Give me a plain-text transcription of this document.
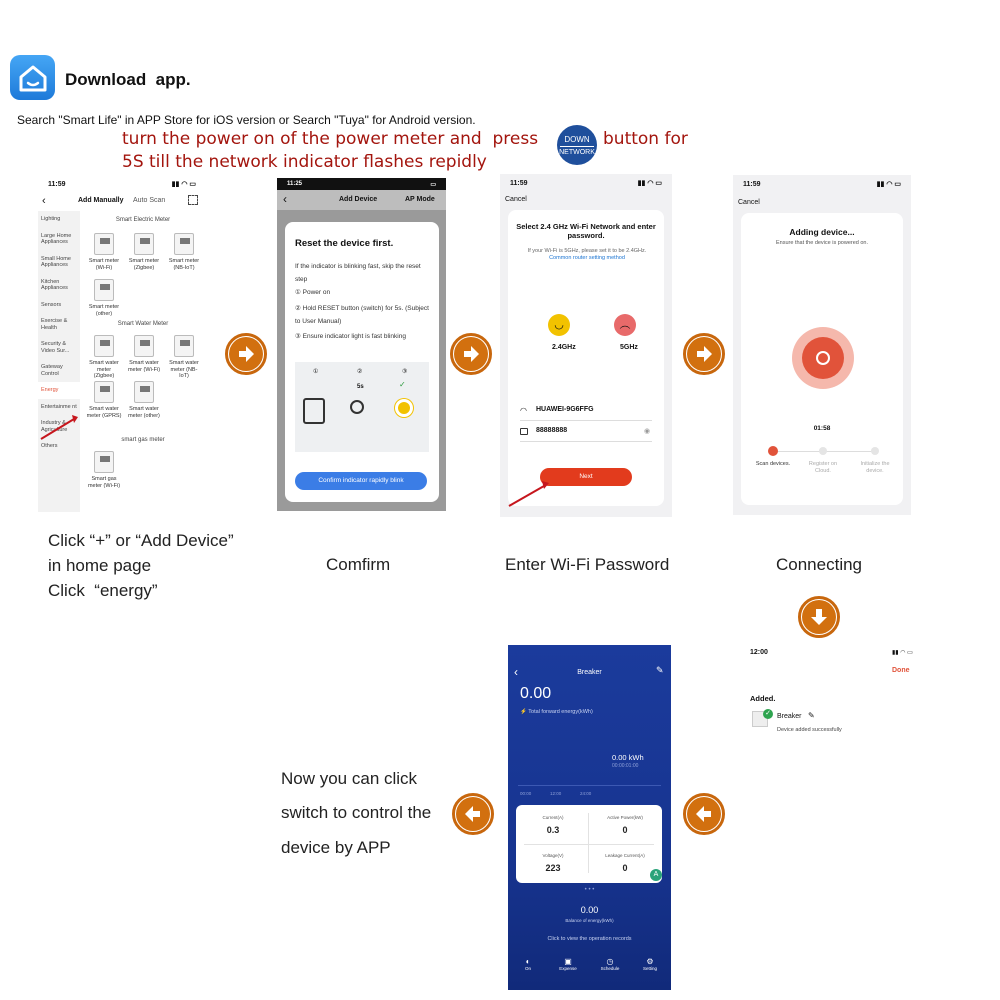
Download  app.
Search "Smart Life" in APP Store for iOS version or Search "Tuya" for Android version.
turn the power on of the power meter and  press	DOWN
NETWORK
button for
5S till the network indicator flashes repidly
11:59	▮▮ ◠ ▭
‹	Add Manually Auto Scan
Lighting
Large Home Appliances
Small Home Appliances
Kitchen Appliances
Sensors
Exercise & Health
Security & Video Sur...
Gateway Control
Energy
Entertainme nt
Industry & Agriculture
Others
Smart Electric Meter
Smart Water Meter
smart gas meter
Smart meter (Wi-Fi)
Smart meter (Zigbee)
Smart meter (NB-IoT)
Smart meter (other)
Smart water meter (Zigbee)
Smart water meter (Wi-Fi)
Smart water meter (NB-IoT)
Smart water meter (GPRS)
Smart water meter (other)
Smart gas meter (Wi-Fi)
11:25	▭
‹	Add Device	AP Mode
Reset the device first.
If the indicator is blinking fast, skip the reset step
① Power on
② Hold RESET button (switch) for 5s. (Subject to User Manual)
③ Ensure indicator light is fast blinking
①	②
5s
③
✓
Confirm indicator rapidly blink
11:59	▮▮ ◠ ▭
Cancel
Select 2.4 GHz Wi-Fi Network and enter password.
If your Wi-Fi is 5GHz, please set it to be 2.4GHz. Common router setting method
◡	︵
2.4GHz	5GHz
◠ HUAWEI-9G6FFG
88888888	◉
Next
11:59	▮▮ ◠ ▭
Cancel
Adding device...
Ensure that the device is powered on.
01:58
Scan devices.	Register on Cloud.
Initialize the device.
12:00	▮▮ ◠ ▭
Done
Added.
✓ Breaker ✎
Device added successfully
‹	Breaker	✎
0.00
⚡ Total forward energy(kWh)
0.00 kWh
00:00:01:00
00:00	12:00	24:00
Current(A)
0.3
Active Power(kW)
0
Voltage(V)
223
Leakage Current(A)
0
A
• • •
0.00
Balance of energy(kWh)
Click to view the operation records
◐
On
▣
Expense
◷
Schedule
⚙
Setting
Click “+” or “Add Device”
in home page
Click  “energy”
Comfirm	Enter Wi-Fi Password	Connecting
Now you can click
switch to control the
device by APP
